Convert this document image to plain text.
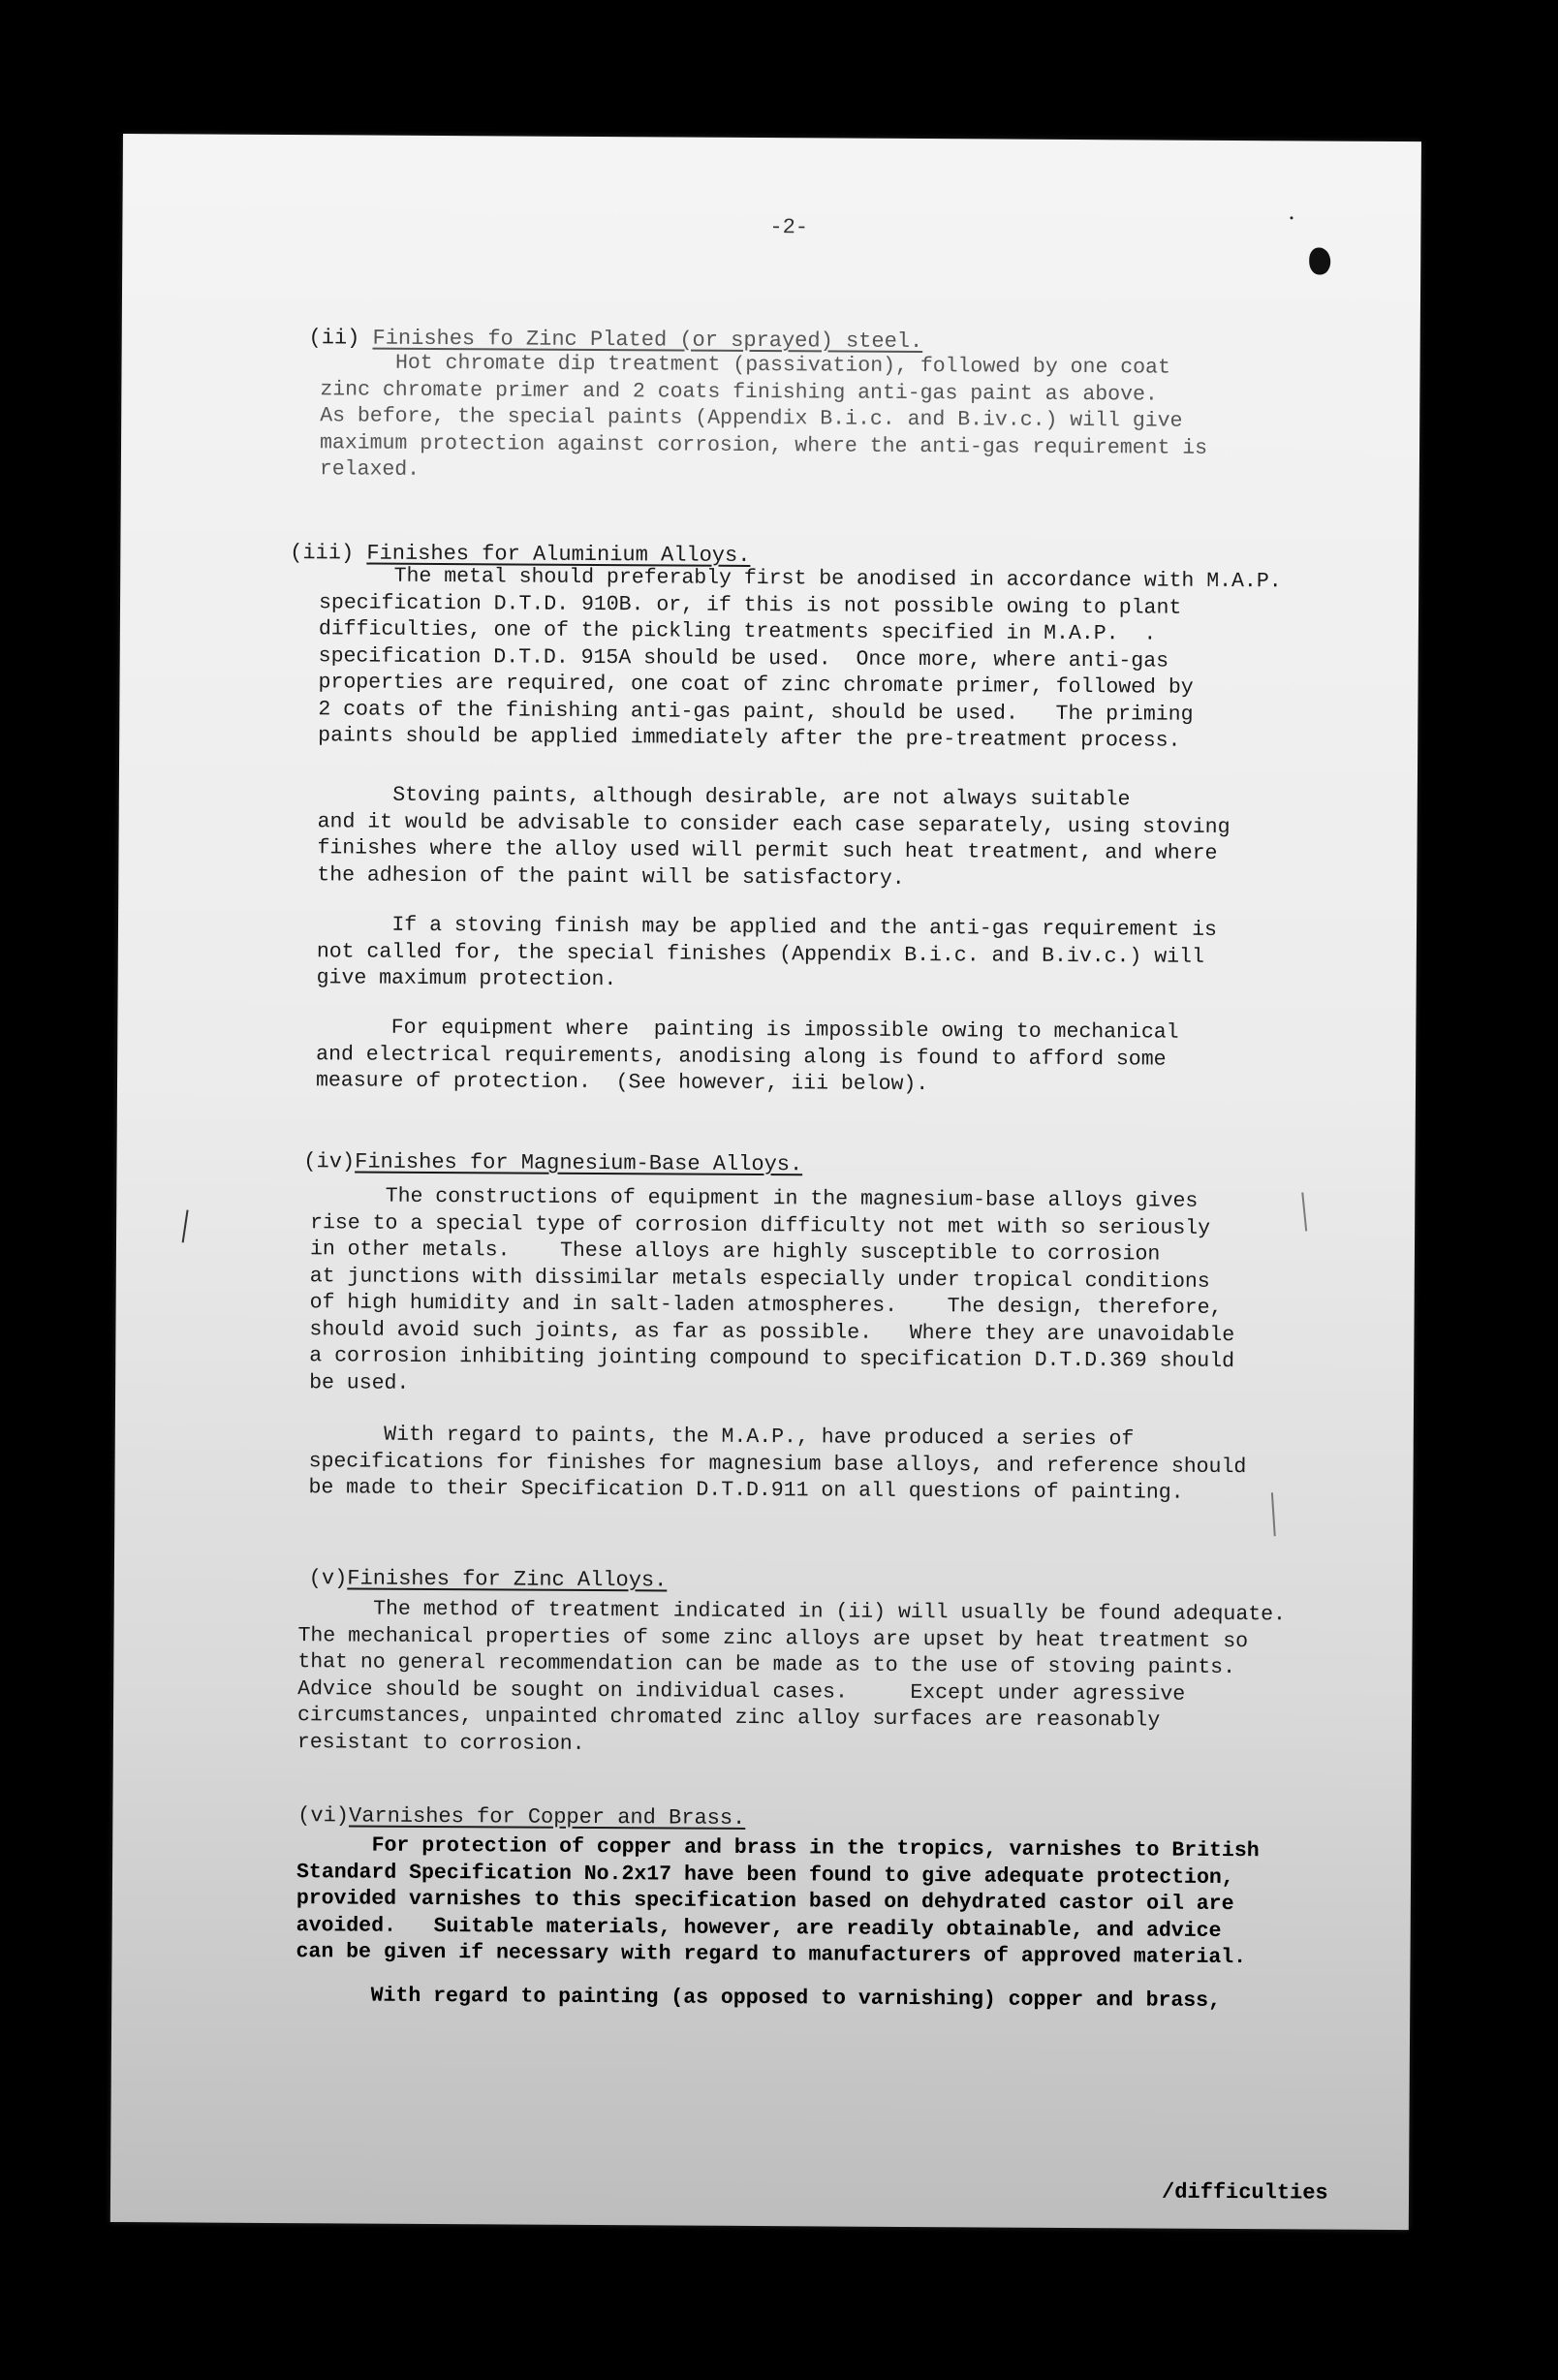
-2-

(ii) Finishes fo Zinc Plated (or sprayed) steel.

Hot chromate dip treatment (passivation), followed by one coat
zinc chromate primer and 2 coats finishing anti-gas paint as above.
As before, the special paints (Appendix B.i.c. and B.iv.c.) will give
maximum protection against corrosion, where the anti-gas requirement is
relaxed.

(iii) Finishes for Aluminium Alloys.

The metal should preferably first be anodised in accordance with M.A.P.
specification D.T.D. 910B. or, if this is not possible owing to plant
difficulties, one of the pickling treatments specified in M.A.P.  .
specification D.T.D. 915A should be used.  Once more, where anti-gas
properties are required, one coat of zinc chromate primer, followed by
2 coats of the finishing anti-gas paint, should be used.   The priming
paints should be applied immediately after the pre-treatment process.

Stoving paints, although desirable, are not always suitable
and it would be advisable to consider each case separately, using stoving
finishes where the alloy used will permit such heat treatment, and where
the adhesion of the paint will be satisfactory.

If a stoving finish may be applied and the anti-gas requirement is
not called for, the special finishes (Appendix B.i.c. and B.iv.c.) will
give maximum protection.

For equipment where  painting is impossible owing to mechanical
and electrical requirements, anodising along is found to afford some
measure of protection.  (See however, iii below).

(iv)Finishes for Magnesium-Base Alloys.

The constructions of equipment in the magnesium-base alloys gives
rise to a special type of corrosion difficulty not met with so seriously
in other metals.    These alloys are highly susceptible to corrosion
at junctions with dissimilar metals especially under tropical conditions
of high humidity and in salt-laden atmospheres.    The design, therefore,
should avoid such joints, as far as possible.   Where they are unavoidable
a corrosion inhibiting jointing compound to specification D.T.D.369 should
be used.

With regard to paints, the M.A.P., have produced a series of
specifications for finishes for magnesium base alloys, and reference should
be made to their Specification D.T.D.911 on all questions of painting.

(v)Finishes for Zinc Alloys.

The method of treatment indicated in (ii) will usually be found adequate.
The mechanical properties of some zinc alloys are upset by heat treatment so
that no general recommendation can be made as to the use of stoving paints.
Advice should be sought on individual cases.     Except under agressive
circumstances, unpainted chromated zinc alloy surfaces are reasonably
resistant to corrosion.

(vi)Varnishes for Copper and Brass.

For protection of copper and brass in the tropics, varnishes to British
Standard Specification No.2x17 have been found to give adequate protection,
provided varnishes to this specification based on dehydrated castor oil are
avoided.   Suitable materials, however, are readily obtainable, and advice
can be given if necessary with regard to manufacturers of approved material.

With regard to painting (as opposed to varnishing) copper and brass,

/difficulties
